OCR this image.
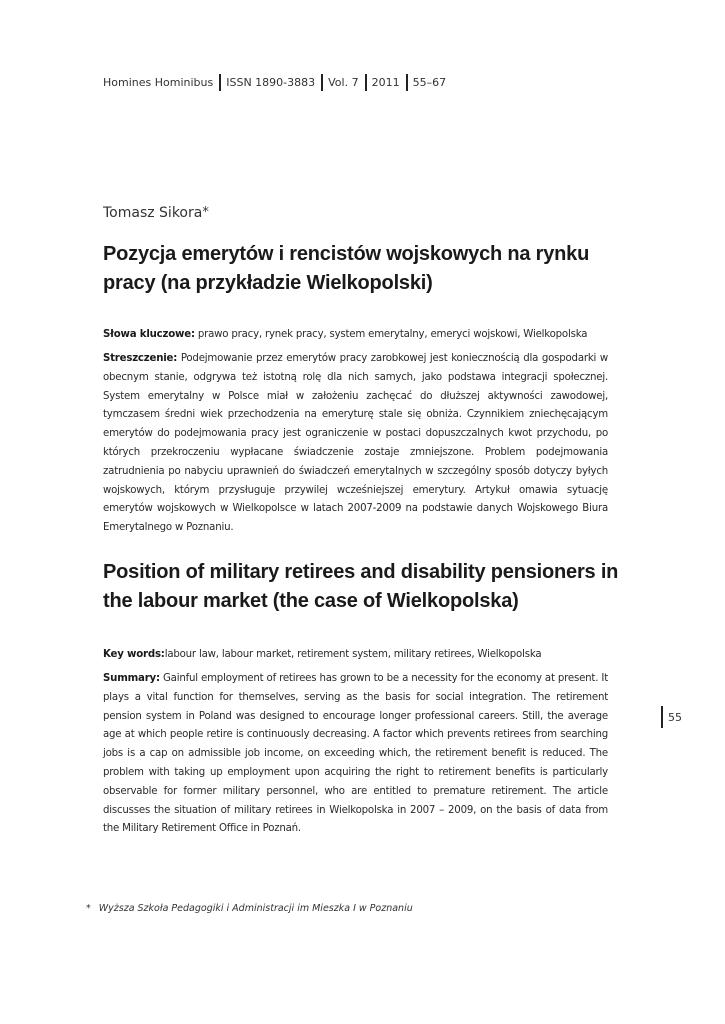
Homines Hominibus ISSN 1890-3883 Vol. 7 2011 55–67
Tomasz Sikora*
Pozycja emerytów i rencistów wojskowych na rynku pracy (na przykładzie Wielkopolski)

Słowa kluczowe: prawo pracy, rynek pracy, system emerytalny, emeryci wojskowi, Wielkopolska

Streszczenie: Podejmowanie przez emerytów pracy zarobkowej jest koniecznością dla gospodarki w obecnym stanie, odgrywa też istotną rolę dla nich samych, jako podstawa integracji społecznej. System emerytalny w Polsce miał w założeniu zachęcać do dłuższej aktywności zawodowej, tymczasem średni wiek przechodzenia na emeryturę stale się obniża. Czynnikiem zniechęcającym emerytów do podejmowania pracy jest ograniczenie w postaci dopuszczalnych kwot przychodu, po których przekroczeniu wypłacane świadczenie zostaje zmniejszone. Problem podejmowania zatrudnienia po nabyciu uprawnień do świadczeń emerytalnych w szczególny sposób dotyczy byłych wojskowych, którym przysługuje przywilej wcześniejszej emerytury. Artykuł omawia sytuację emerytów wojskowych w Wielkopolsce w latach 2007-2009 na podstawie danych Wojskowego Biura Emerytalnego w Poznaniu.

Position of military retirees and disability pensioners in the labour market (the case of Wielkopolska)

Key words:labour law, labour market, retirement system, military retirees, Wielkopolska

Summary: Gainful employment of retirees has grown to be a necessity for the economy at present. It plays a vital function for themselves, serving as the basis for social integration. The retirement pension system in Poland was designed to encourage longer professional careers. Still, the average age at which people retire is continuously decreasing. A factor which prevents retirees from searching jobs is a cap on admissible job income, on exceeding which, the retirement benefit is reduced. The problem with taking up employment upon acquiring the right to retirement benefits is particularly observable for former military personnel, who are entitled to premature retirement. The article discusses the situation of military retirees in Wielkopolska in 2007 – 2009, on the basis of data from the Military Retirement Office in Poznań.

55
* Wyższa Szkoła Pedagogiki i Administracji im Mieszka I w Poznaniu
